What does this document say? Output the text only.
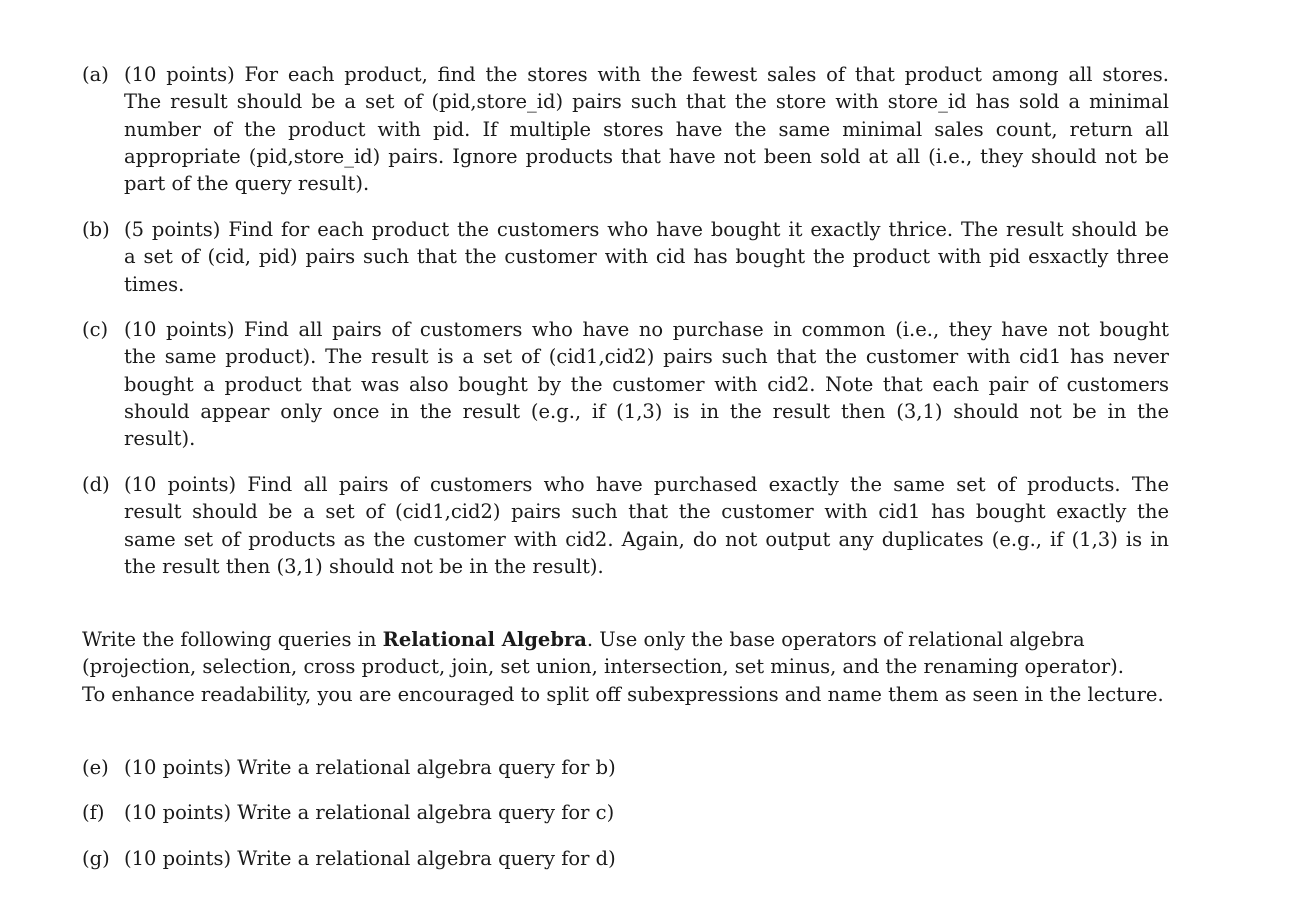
(a) (10 points) For each product, find the stores with the fewest sales of that product among all stores.
The result should be a set of (pid,store_id) pairs such that the store with store_id has sold a minimal
number of the product with pid. If multiple stores have the same minimal sales count, return all
appropriate (pid,store_id) pairs. Ignore products that have not been sold at all (i.e., they should not be
part of the query result).
(b) (5 points) Find for each product the customers who have bought it exactly thrice. The result should be
a set of (cid, pid) pairs such that the customer with cid has bought the product with pid esxactly three
times.
(c) (10 points) Find all pairs of customers who have no purchase in common (i.e., they have not bought
the same product). The result is a set of (cid1,cid2) pairs such that the customer with cid1 has never
bought a product that was also bought by the customer with cid2. Note that each pair of customers
should appear only once in the result (e.g., if (1,3) is in the result then (3,1) should not be in the
result).
(d) (10 points) Find all pairs of customers who have purchased exactly the same set of products. The
result should be a set of (cid1,cid2) pairs such that the customer with cid1 has bought exactly the
same set of products as the customer with cid2. Again, do not output any duplicates (e.g., if (1,3) is in
the result then (3,1) should not be in the result).
Write the following queries in Relational Algebra. Use only the base operators of relational algebra
(projection, selection, cross product, join, set union, intersection, set minus, and the renaming operator).
To enhance readability, you are encouraged to split off subexpressions and name them as seen in the lecture.
(e) (10 points) Write a relational algebra query for b)
(f) (10 points) Write a relational algebra query for c)
(g) (10 points) Write a relational algebra query for d)
